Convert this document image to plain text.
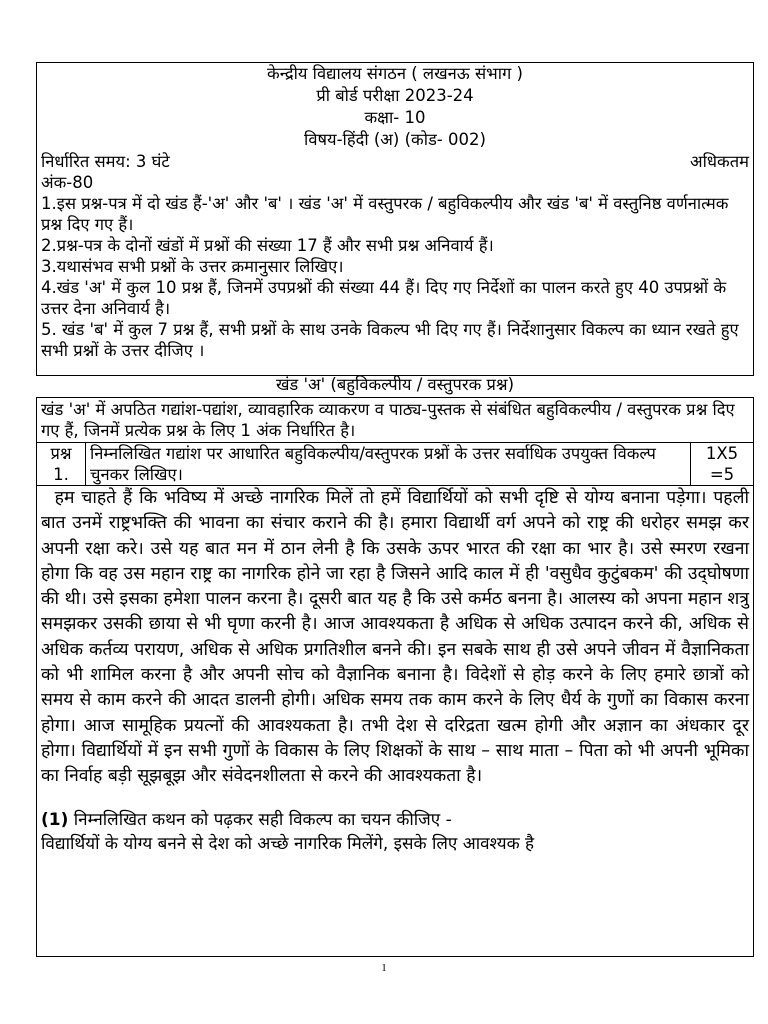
केन्द्रीय विद्यालय संगठन ( लखनऊ संभाग )
प्री बोर्ड परीक्षा 2023-24
कक्षा- 10
विषय-हिंदी (अ) (कोड- 002)
निर्धारित समय: 3 घंटे	अधिकतम
अंक-80
1.इस प्रश्न-पत्र में दो खंड हैं-'अ' और 'ब' । खंड 'अ' में वस्तुपरक / बहुविकल्पीय और खंड 'ब' में वस्तुनिष्ठ वर्णनात्मक प्रश्न दिए गए हैं।
2.प्रश्न-पत्र के दोनों खंडों में प्रश्नों की संख्या 17 हैं और सभी प्रश्न अनिवार्य हैं।
3.यथासंभव सभी प्रश्नों के उत्तर क्रमानुसार लिखिए।
4.खंड 'अ' में कुल 10 प्रश्न हैं, जिनमें उपप्रश्नों की संख्या 44 हैं। दिए गए निर्देशों का पालन करते हुए 40 उपप्रश्नों के उत्तर देना अनिवार्य है।
5. खंड 'ब' में कुल 7 प्रश्न हैं, सभी प्रश्नों के साथ उनके विकल्प भी दिए गए हैं। निर्देशानुसार विकल्प का ध्यान रखते हुए सभी प्रश्नों के उत्तर दीजिए ।
खंड 'अ' (बहुविकल्पीय / वस्तुपरक प्रश्न)
खंड 'अ' में अपठित गद्यांश-पद्यांश, व्यावहारिक व्याकरण व पाठ्य-पुस्तक से संबंधित बहुविकल्पीय / वस्तुपरक प्रश्न दिए गए हैं, जिनमें प्रत्येक प्रश्न के लिए 1 अंक निर्धारित है।
प्रश्न
1.
निम्नलिखित गद्यांश पर आधारित बहुविकल्पीय/वस्तुपरक प्रश्नों के उत्तर सर्वाधिक उपयुक्त विकल्प चुनकर लिखिए।
1X5
=5
हम चाहते हैं कि भविष्य में अच्छे नागरिक मिलें तो हमें विद्यार्थियों को सभी दृष्टि से योग्य बनाना पड़ेगा। पहली बात उनमें राष्ट्रभक्ति की भावना का संचार कराने की है। हमारा विद्यार्थी वर्ग अपने को राष्ट्र की धरोहर समझ कर अपनी रक्षा करे। उसे यह बात मन में ठान लेनी है कि उसके ऊपर भारत की रक्षा का भार है। उसे स्मरण रखना होगा कि वह उस महान राष्ट्र का नागरिक होने जा रहा है जिसने आदि काल में ही 'वसुधैव कुटुंबकम' की उद्‌घोषणा की थी। उसे इसका हमेशा पालन करना है। दूसरी बात यह है कि उसे कर्मठ बनना है। आलस्य को अपना महान शत्रु समझकर उसकी छाया से भी घृणा करनी है। आज आवश्यकता है अधिक से अधिक उत्पादन करने की, अधिक से अधिक कर्तव्य परायण, अधिक से अधिक प्रगतिशील बनने की। इन सबके साथ ही उसे अपने जीवन में वैज्ञानिकता को भी शामिल करना है और अपनी सोच को वैज्ञानिक बनाना है। विदेशों से होड़ करने के लिए हमारे छात्रों को समय से काम करने की आदत डालनी होगी। अधिक समय तक काम करने के लिए धैर्य के गुणों का विकास करना होगा। आज सामूहिक प्रयत्नों की आवश्यकता है। तभी देश से दरिद्रता खत्म होगी और अज्ञान का अंधकार दूर होगा। विद्यार्थियों में इन सभी गुणों के विकास के लिए शिक्षकों के साथ – साथ माता – पिता को भी अपनी भूमिका का निर्वाह बड़ी सूझबूझ और संवेदनशीलता से करने की आवश्यकता है।
(1) निम्नलिखित कथन को पढ़कर सही विकल्प का चयन कीजिए -
विद्यार्थियों के योग्य बनने से देश को अच्छे नागरिक मिलेंगे, इसके लिए आवश्यक है
1
